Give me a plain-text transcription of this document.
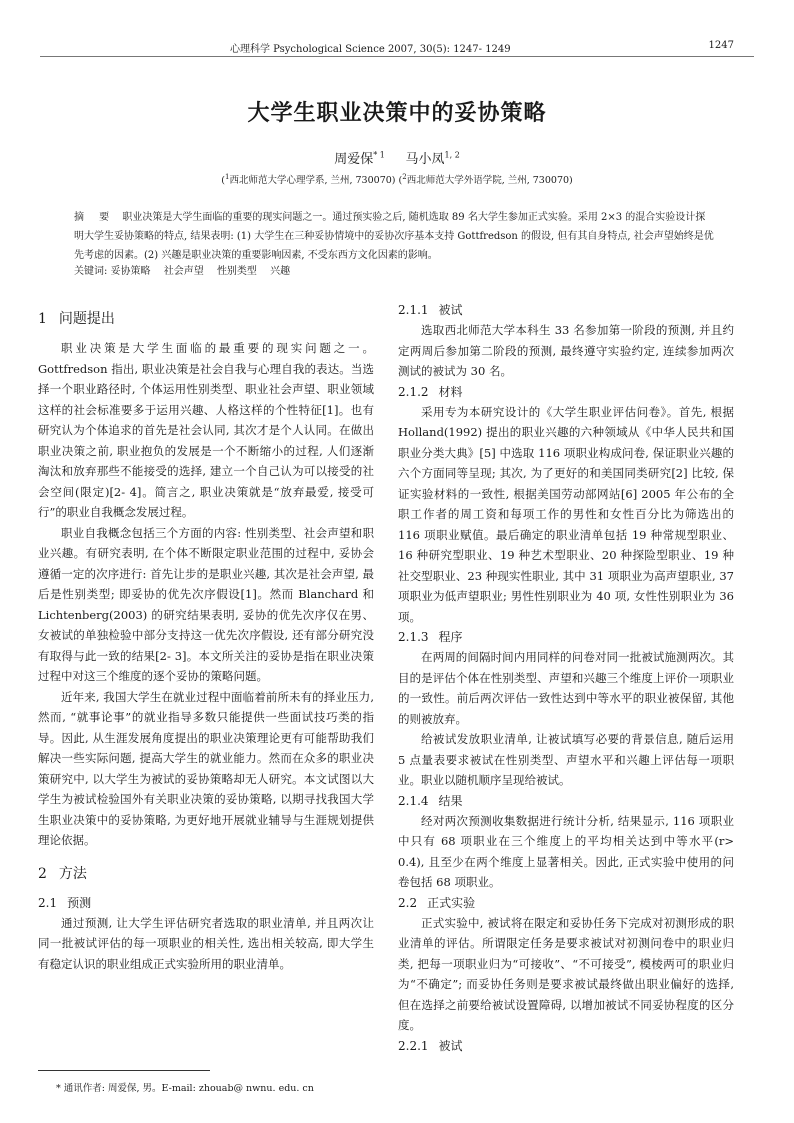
心理科学 Psychological Science 2007, 30(5): 1247- 1249	1247
大学生职业决策中的妥协策略
周爱保$^{* 1}$ 马小凤$^{1, 2}$
($^1$西北师范大学心理学系, 兰州, 730070) ($^2$西北师范大学外语学院, 兰州, 730070)
摘 要 职业决策是大学生面临的重要的现实问题之一。通过预实验之后, 随机选取 89 名大学生参加正式实验。采用 2×3 的混合实验设计探明大学生妥协策略的特点, 结果表明: (1) 大学生在三种妥协情境中的妥协次序基本支持 Gottfredson 的假设, 但有其自身特点, 社会声望始终是优先考虑的因素。(2) 兴趣是职业决策的重要影响因素, 不受东西方文化因素的影响。
关键词: 妥协策略 社会声望 性别类型 兴趣
1 问题提出

职业决策是大学生面临的最重要的现实问题之一。Gottfredson 指出, 职业决策是社会自我与心理自我的表达。当选择一个职业路径时, 个体运用性别类型、职业社会声望、职业领域这样的社会标准要多于运用兴趣、人格这样的个性特征[1]。也有研究认为个体追求的首先是社会认同, 其次才是个人认同。在做出职业决策之前, 职业抱负的发展是一个不断缩小的过程, 人们逐渐淘汰和放弃那些不能接受的选择, 建立一个自己认为可以接受的社会空间(限定)[2- 4]。简言之, 职业决策就是“放弃最爱, 接受可行”的职业自我概念发展过程。

职业自我概念包括三个方面的内容: 性别类型、社会声望和职业兴趣。有研究表明, 在个体不断限定职业范围的过程中, 妥协会遵循一定的次序进行: 首先让步的是职业兴趣, 其次是社会声望, 最后是性别类型; 即妥协的优先次序假设[1]。然而 Blanchard 和 Lichtenberg(2003) 的研究结果表明, 妥协的优先次序仅在男、女被试的单独检验中部分支持这一优先次序假设, 还有部分研究没有取得与此一致的结果[2- 3]。本文所关注的妥协是指在职业决策过程中对这三个维度的逐个妥协的策略问题。

近年来, 我国大学生在就业过程中面临着前所未有的择业压力, 然而, “就事论事”的就业指导多数只能提供一些面试技巧类的指导。因此, 从生涯发展角度提出的职业决策理论更有可能帮助我们解决一些实际问题, 提高大学生的就业能力。然而在众多的职业决策研究中, 以大学生为被试的妥协策略却无人研究。本文试图以大学生为被试检验国外有关职业决策的妥协策略, 以期寻找我国大学生职业决策中的妥协策略, 为更好地开展就业辅导与生涯规划提供理论依据。

2 方法
2.1 预测

通过预测, 让大学生评估研究者选取的职业清单, 并且两次让同一批被试评估的每一项职业的相关性, 选出相关较高, 即大学生有稳定认识的职业组成正式实验所用的职业清单。

2.1.1 被试

选取西北师范大学本科生 33 名参加第一阶段的预测, 并且约定两周后参加第二阶段的预测, 最终遵守实验约定, 连续参加两次测试的被试为 30 名。

2.1.2 材料

采用专为本研究设计的《大学生职业评估问卷》。首先, 根据 Holland(1992) 提出的职业兴趣的六种领域从《中华人民共和国职业分类大典》[5] 中选取 116 项职业构成问卷, 保证职业兴趣的六个方面同等呈现; 其次, 为了更好的和美国同类研究[2] 比较, 保证实验材料的一致性, 根据美国劳动部网站[6] 2005 年公布的全职工作者的周工资和每项工作的男性和女性百分比为筛选出的 116 项职业赋值。最后确定的职业清单包括 19 种常规型职业、16 种研究型职业、19 种艺术型职业、20 种探险型职业、19 种社交型职业、23 种现实性职业, 其中 31 项职业为高声望职业, 37 项职业为低声望职业; 男性性别职业为 40 项, 女性性别职业为 36 项。

2.1.3 程序

在两周的间隔时间内用同样的问卷对同一批被试施测两次。其目的是评估个体在性别类型、声望和兴趣三个维度上评价一项职业的一致性。前后两次评估一致性达到中等水平的职业被保留, 其他的则被放弃。

给被试发放职业清单, 让被试填写必要的背景信息, 随后运用 5 点量表要求被试在性别类型、声望水平和兴趣上评估每一项职业。职业以随机顺序呈现给被试。

2.1.4 结果

经对两次预测收集数据进行统计分析, 结果显示, 116 项职业中只有 68 项职业在三个维度上的平均相关达到中等水平(r> 0.4), 且至少在两个维度上显著相关。因此, 正式实验中使用的问卷包括 68 项职业。

2.2 正式实验

正式实验中, 被试将在限定和妥协任务下完成对初测形成的职业清单的评估。所谓限定任务是要求被试对初测问卷中的职业归类, 把每一项职业归为“可接收”、“不可接受”, 模棱两可的职业归为“不确定”; 而妥协任务则是要求被试最终做出职业偏好的选择, 但在选择之前要给被试设置障碍, 以增加被试不同妥协程度的区分度。

2.2.1 被试
* 通讯作者: 周爱保, 男。E-mail: zhouab@ nwnu. edu. cn
